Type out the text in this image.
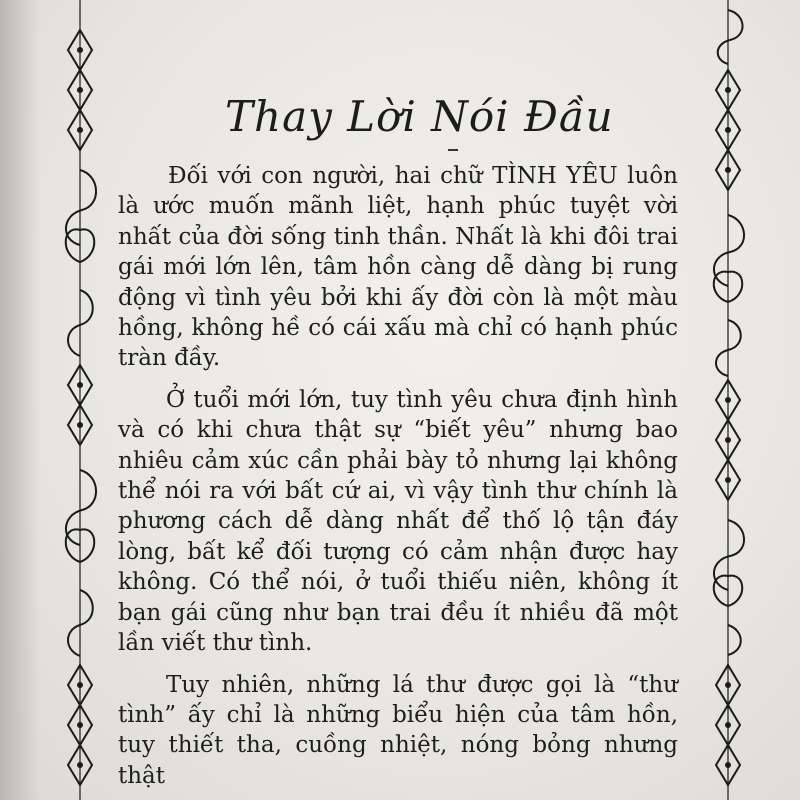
Thay Lời Nói Đầu

Đối với con người, hai chữ TÌNH YÊU luôn là ước muốn mãnh liệt, hạnh phúc tuyệt vời nhất của đời sống tinh thần. Nhất là khi đôi trai gái mới lớn lên, tâm hồn càng dễ dàng bị rung động vì tình yêu bởi khi ấy đời còn là một màu hồng, không hề có cái xấu mà chỉ có hạnh phúc tràn đầy.

Ở tuổi mới lớn, tuy tình yêu chưa định hình và có khi chưa thật sự “biết yêu” nhưng bao nhiêu cảm xúc cần phải bày tỏ nhưng lại không thể nói ra với bất cứ ai, vì vậy tình thư chính là phương cách dễ dàng nhất để thố lộ tận đáy lòng, bất kể đối tượng có cảm nhận được hay không. Có thể nói, ở tuổi thiếu niên, không ít bạn gái cũng như bạn trai đều ít nhiều đã một lần viết thư tình.

Tuy nhiên, những lá thư được gọi là “thư tình” ấy chỉ là những biểu hiện của tâm hồn, tuy thiết tha, cuồng nhiệt, nóng bỏng nhưng thật
